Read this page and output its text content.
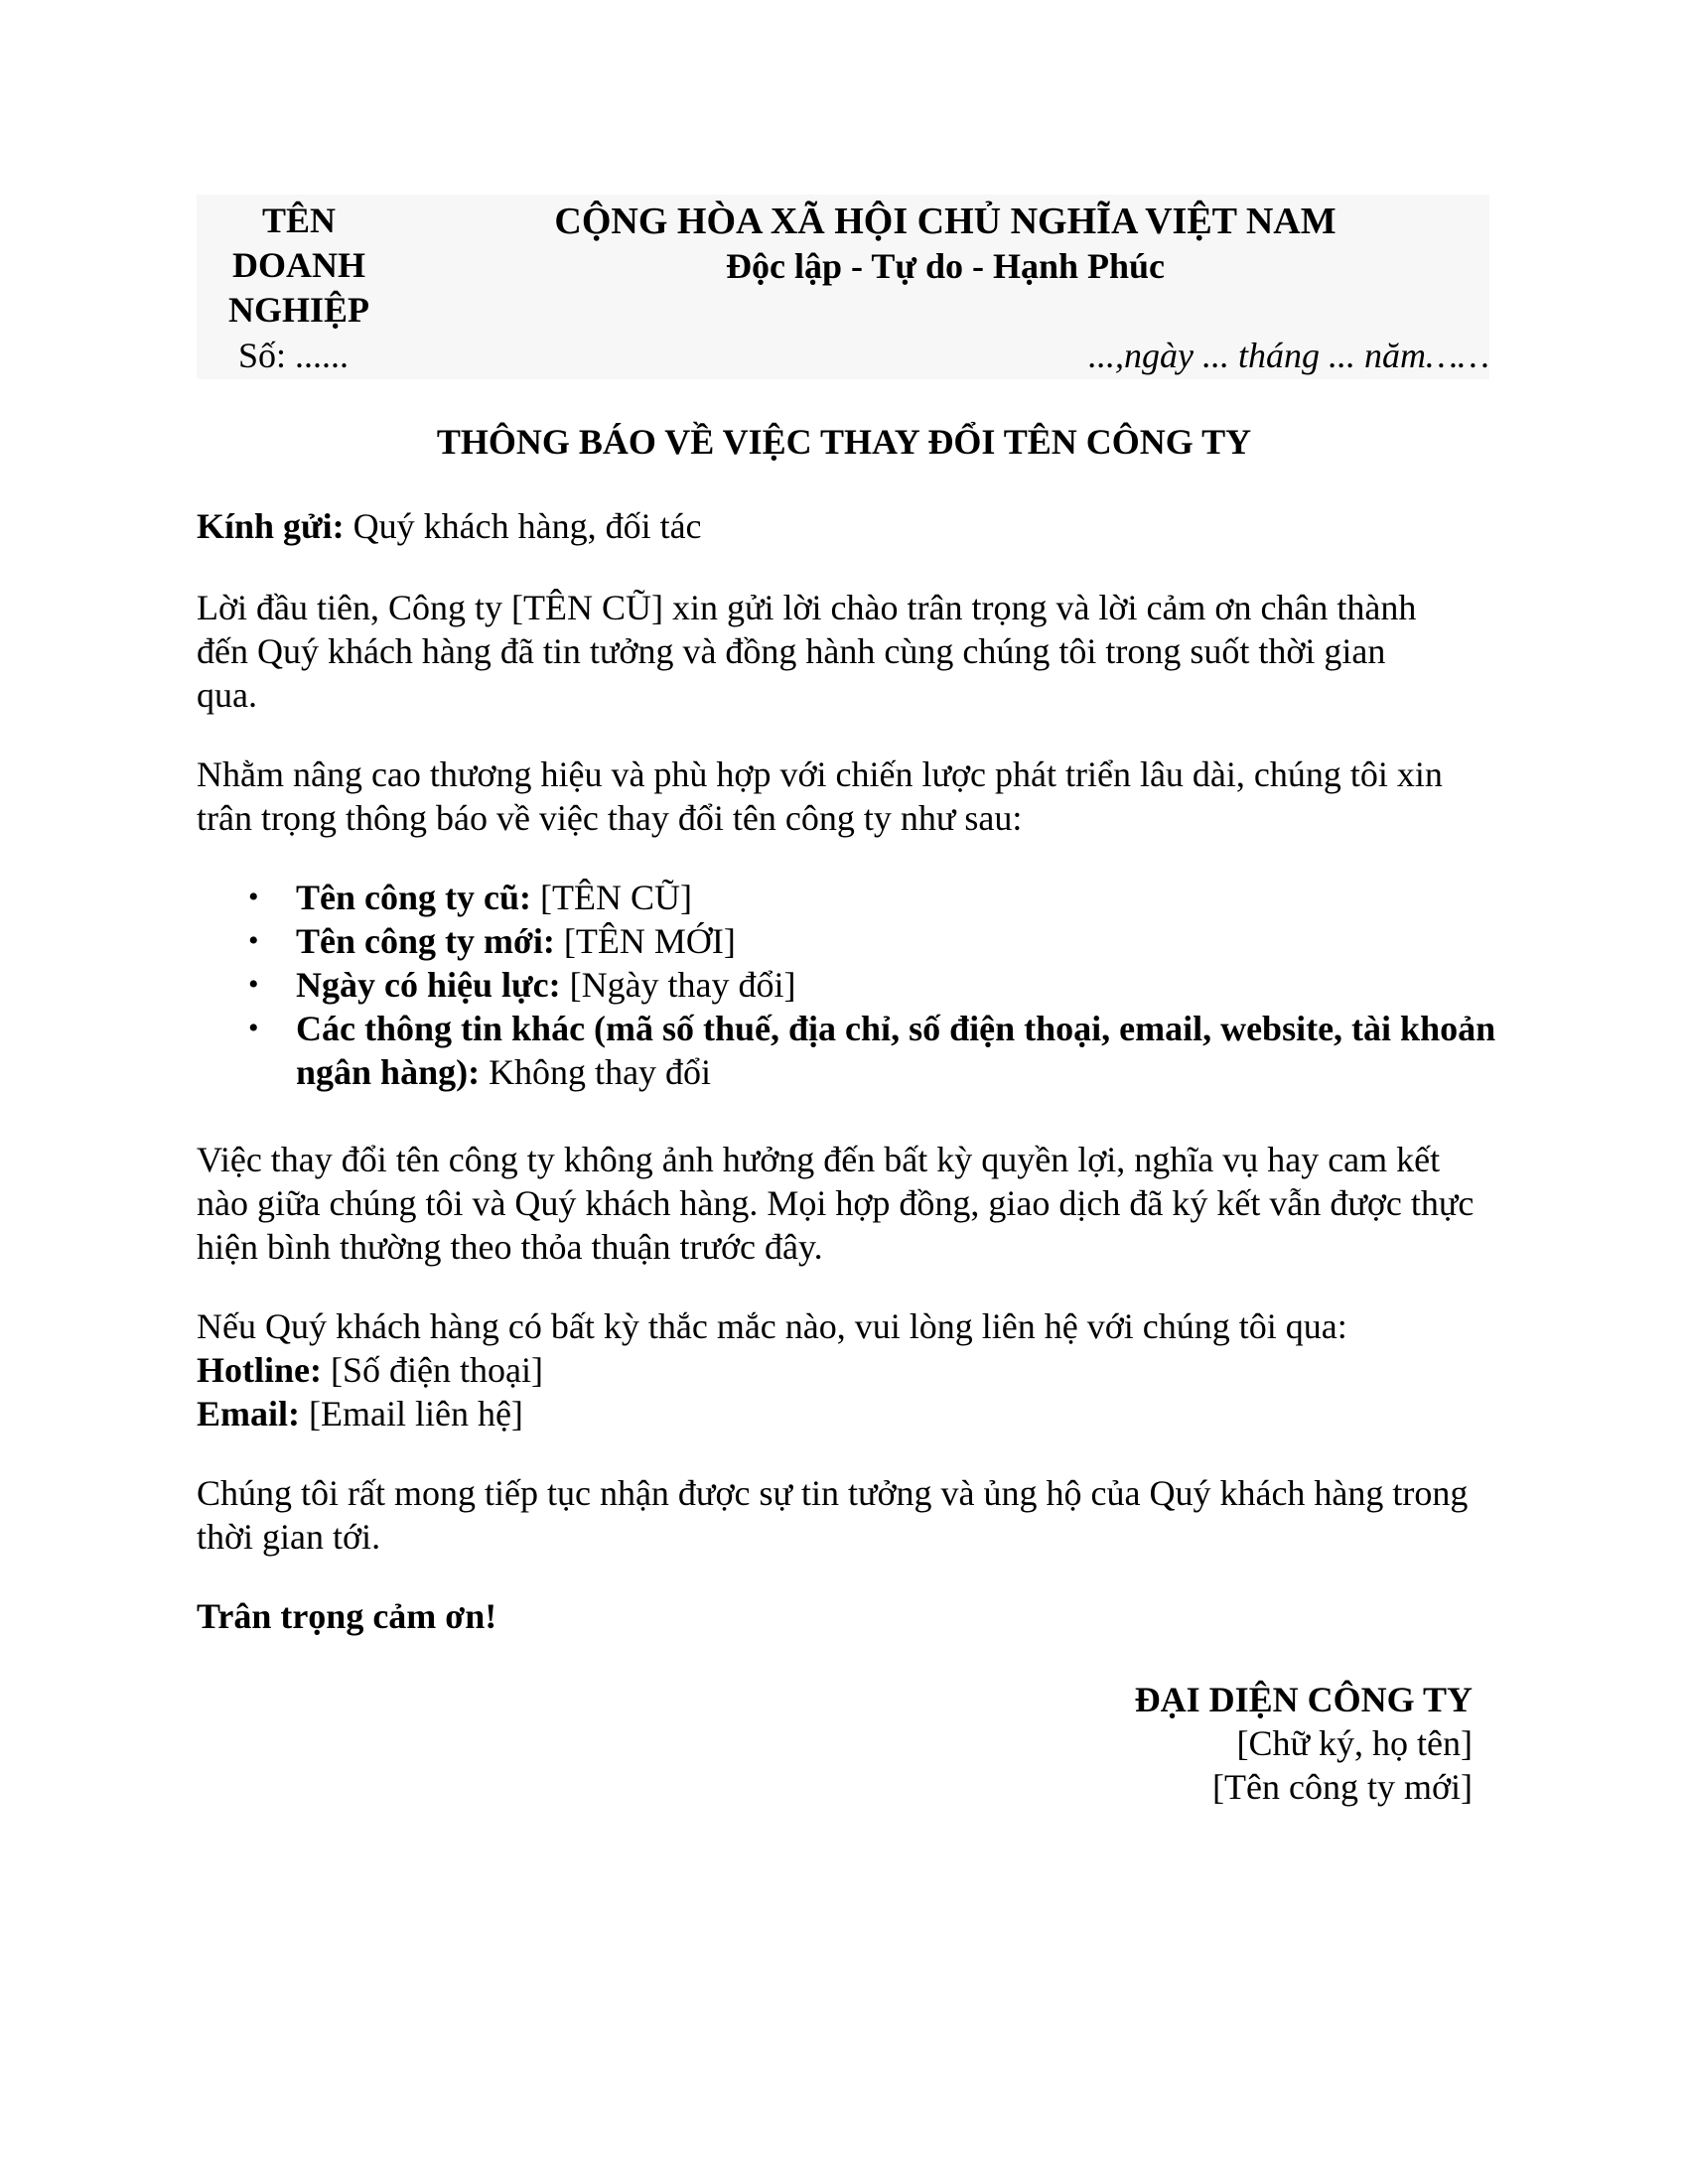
TÊN
DOANH
NGHIỆP
CỘNG HÒA XÃ HỘI CHỦ NGHĨA VIỆT NAM
Độc lập - Tự do - Hạnh Phúc
Số: ......	...,ngày ... tháng ... năm……
THÔNG BÁO VỀ VIỆC THAY ĐỔI TÊN CÔNG TY
Kính gửi: Quý khách hàng, đối tác
Lời đầu tiên, Công ty [TÊN CŨ] xin gửi lời chào trân trọng và lời cảm ơn chân thành đến Quý khách hàng đã tin tưởng và đồng hành cùng chúng tôi trong suốt thời gian qua.
Nhằm nâng cao thương hiệu và phù hợp với chiến lược phát triển lâu dài, chúng tôi xin trân trọng thông báo về việc thay đổi tên công ty như sau:
• Tên công ty cũ: [TÊN CŨ]
• Tên công ty mới: [TÊN MỚI]
• Ngày có hiệu lực: [Ngày thay đổi]
• Các thông tin khác (mã số thuế, địa chỉ, số điện thoại, email, website, tài khoản ngân hàng): Không thay đổi
Việc thay đổi tên công ty không ảnh hưởng đến bất kỳ quyền lợi, nghĩa vụ hay cam kết nào giữa chúng tôi và Quý khách hàng. Mọi hợp đồng, giao dịch đã ký kết vẫn được thực hiện bình thường theo thỏa thuận trước đây.
Nếu Quý khách hàng có bất kỳ thắc mắc nào, vui lòng liên hệ với chúng tôi qua:
Hotline: [Số điện thoại]
Email: [Email liên hệ]
Chúng tôi rất mong tiếp tục nhận được sự tin tưởng và ủng hộ của Quý khách hàng trong thời gian tới.
Trân trọng cảm ơn!
ĐẠI DIỆN CÔNG TY
[Chữ ký, họ tên]
[Tên công ty mới]
